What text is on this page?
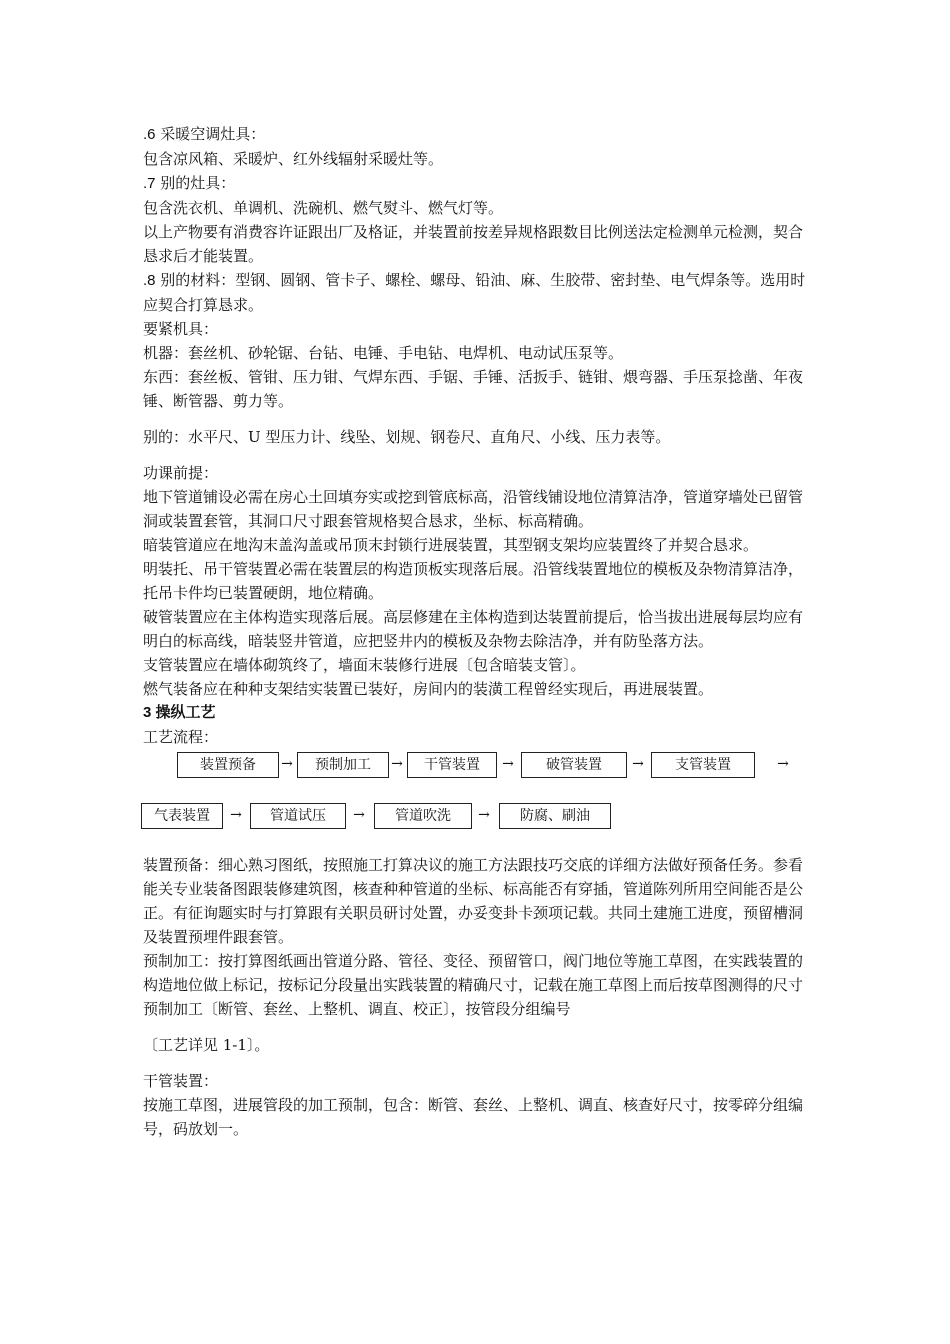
.6 采暖空调灶具：

包含凉风箱、采暖炉、红外线辐射采暖灶等。

.7 别的灶具：

包含洗衣机、单调机、洗碗机、燃气熨斗、燃气灯等。

以上产物要有消费容许证跟出厂及格证，并装置前按差异规格跟数目比例送法定检测单元检测，契合恳求后才能装置。

.8 别的材料：型钢、圆钢、管卡子、螺栓、螺母、铅油、麻、生胶带、密封垫、电气焊条等。选用时应契合打算恳求。

要紧机具：

机器：套丝机、砂轮锯、台钻、电锤、手电钻、电焊机、电动试压泵等。

东西：套丝板、管钳、压力钳、气焊东西、手锯、手锤、活扳手、链钳、煨弯器、手压泵捻凿、年夜锤、断管器、剪力等。

别的：水平尺、U 型压力计、线坠、划规、钢卷尺、直角尺、小线、压力表等。

功课前提：

地下管道铺设必需在房心土回填夯实或挖到管底标高，沿管线铺设地位清算洁净，管道穿墙处已留管洞或装置套管，其洞口尺寸跟套管规格契合恳求，坐标、标高精确。

暗装管道应在地沟末盖沟盖或吊顶末封锁行进展装置，其型钢支架均应装置终了并契合恳求。

明装托、吊干管装置必需在装置层的构造顶板实现落后展。沿管线装置地位的模板及杂物清算洁净，托吊卡件均已装置硬朗，地位精确。

破管装置应在主体构造实现落后展。高层修建在主体构造到达装置前提后，恰当拔出进展每层均应有明白的标高线，暗装竖井管道，应把竖井内的模板及杂物去除洁净，并有防坠落方法。

支管装置应在墙体砌筑终了，墙面末装修行进展〔包含暗装支管〕。

燃气装备应在种种支架结实装置已装好，房间内的装潢工程曾经实现后，再进展装置。

3 操纵工艺

工艺流程：

装置预备	→	预制加工	→	干管装置	→	破管装置	→	支管装置	→
气表装置	→	管道试压	→	管道吹洗	→	防腐、刷油

装置预备：细心熟习图纸，按照施工打算决议的施工方法跟技巧交底的详细方法做好预备任务。参看能关专业装备图跟装修建筑图，核查种种管道的坐标、标高能否有穿插，管道陈列所用空间能否是公正。有征询题实时与打算跟有关职员研讨处置，办妥变卦卡颈项记载。共同土建施工进度，预留槽洞及装置预埋件跟套管。

预制加工：按打算图纸画出管道分路、管径、变径、预留管口，阀门地位等施工草图，在实践装置的构造地位做上标记，按标记分段量出实践装置的精确尺寸，记载在施工草图上而后按草图测得的尺寸预制加工〔断管、套丝、上整机、调直、校正〕，按管段分组编号

〔工艺详见 1-1〕。

干管装置：

按施工草图，进展管段的加工预制，包含：断管、套丝、上整机、调直、核查好尺寸，按零碎分组编号，码放划一。
